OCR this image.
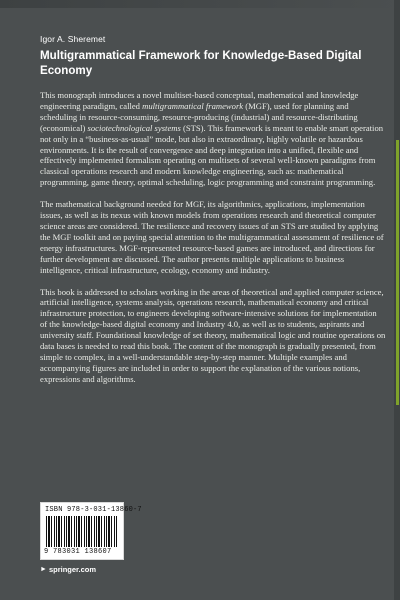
Igor A. Sheremet
Multigrammatical Framework for Knowledge-Based Digital Economy

This monograph introduces a novel multiset-based conceptual, mathematical and knowledge engineering paradigm, called multigrammatical framework (MGF), used for planning and scheduling in resource-consuming, resource-producing (industrial) and resource-distributing (economical) sociotechnological systems (STS). This framework is meant to enable smart operation not only in a “business-as-usual” mode, but also in extraordinary, highly volatile or hazardous environments. It is the result of convergence and deep integration into a unified, flexible and effectively implemented formalism operating on multisets of several well-known paradigms from classical operations research and modern knowledge engineering, such as: mathematical programming, game theory, optimal scheduling, logic programming and constraint programming.

The mathematical background needed for MGF, its algorithmics, applications, implementation issues, as well as its nexus with known models from operations research and theoretical computer science areas are considered. The resilience and recovery issues of an STS are studied by applying the MGF toolkit and on paying special attention to the multigrammatical assessment of resilience of energy infrastructures. MGF-represented resource-based games are introduced, and directions for further development are discussed. The author presents multiple applications to business intelligence, critical infrastructure, ecology, economy and industry.

This book is addressed to scholars working in the areas of theoretical and applied computer science, artificial intelligence, systems analysis, operations research, mathematical economy and critical infrastructure protection, to engineers developing software-intensive solutions for implementation of the knowledge-based digital economy and Industry 4.0, as well as to students, aspirants and university staff. Foundational knowledge of set theory, mathematical logic and routine operations on data bases is needed to read this book. The content of the monograph is gradually presented, from simple to complex, in a well-understandable step-by-step manner. Multiple examples and accompanying figures are included in order to support the explanation of the various notions, expressions and algorithms.

ISBN 978-3-031-13860-7
9 783031 138607
► springer.com
